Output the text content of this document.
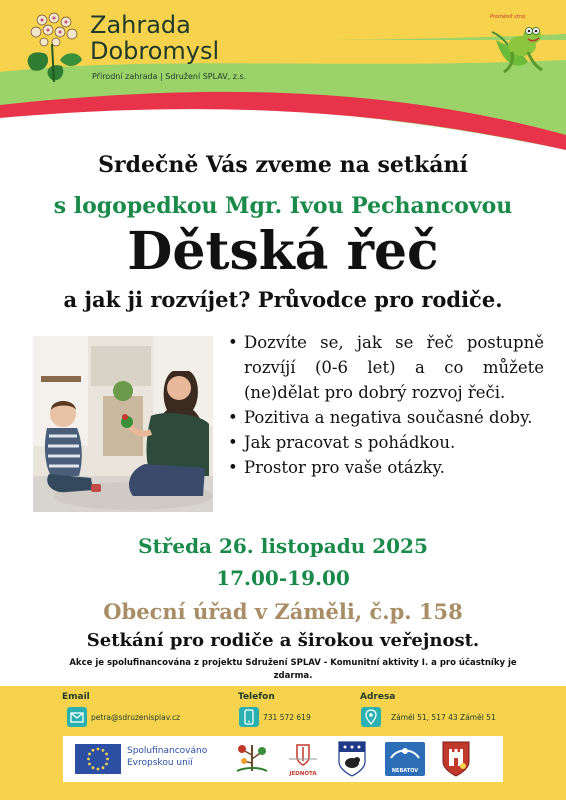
Zahrada
Dobromysl
Přírodní zahrada | Sdružení SPLAV, z.s.
Proměnit stroj
Srdečně Vás zveme na setkání
s logopedkou Mgr. Ivou Pechancovou
Dětská řeč
a jak ji rozvíjet? Průvodce pro rodiče.
• Dozvíte se, jak se řeč postupně rozvíjí (0-6 let) a co můžete (ne)dělat pro dobrý rozvoj řeči.
• Pozitiva a negativa současné doby.
• Jak pracovat s pohádkou.
• Prostor pro vaše otázky.
Středa 26. listopadu 2025
17.00-19.00
Obecní úřad v Záměli, č.p. 158
Setkání pro rodiče a širokou veřejnost.
Akce je spolufinancována z projektu Sdružení SPLAV - Komunitní aktivity I. a pro účastníky je zdarma.
Email
petra@sdruzenisplav.cz
Telefon
731 572 619
Adresa
Zámél 51, 517 43 Záměl 51
Spolufinancováno
Evropskou unií
JEDNOTA	NEBATOV
